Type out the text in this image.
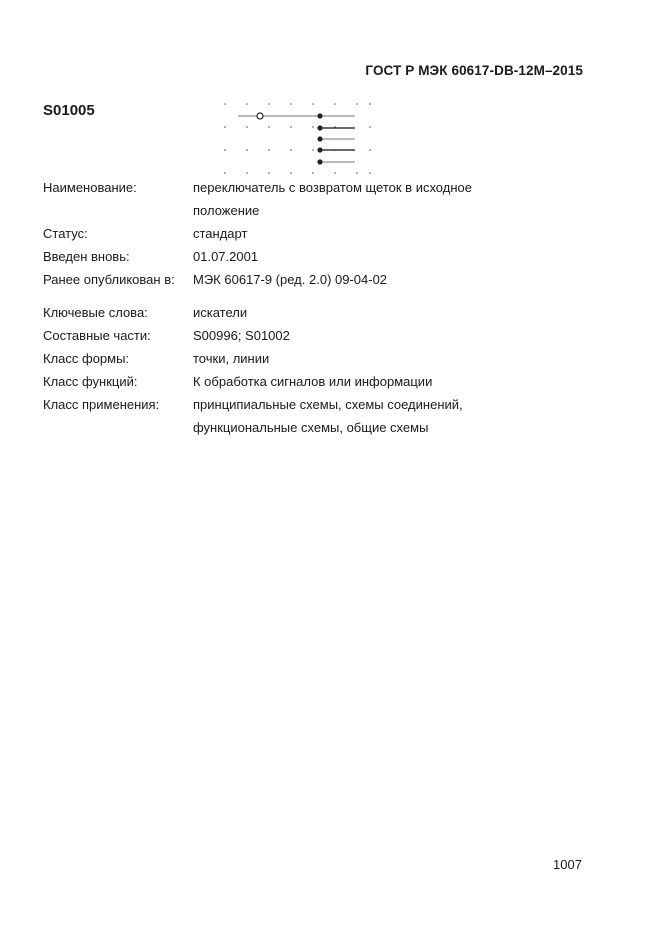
ГОСТ Р МЭК 60617-DB-12M–2015
S01005
Наименование:	переключатель с возвратом щеток в исходное
положение
Статус:	стандарт
Введен вновь:	01.07.2001
Ранее опубликован в: МЭК 60617-9 (ред. 2.0) 09-04-02
Ключевые слова:	искатели
Составные части:	S00996; S01002
Класс формы:	точки, линии
Класс функций:	К обработка сигналов или информации
Класс применения:	принципиальные схемы, схемы соединений,
функциональные схемы, общие схемы
1007
